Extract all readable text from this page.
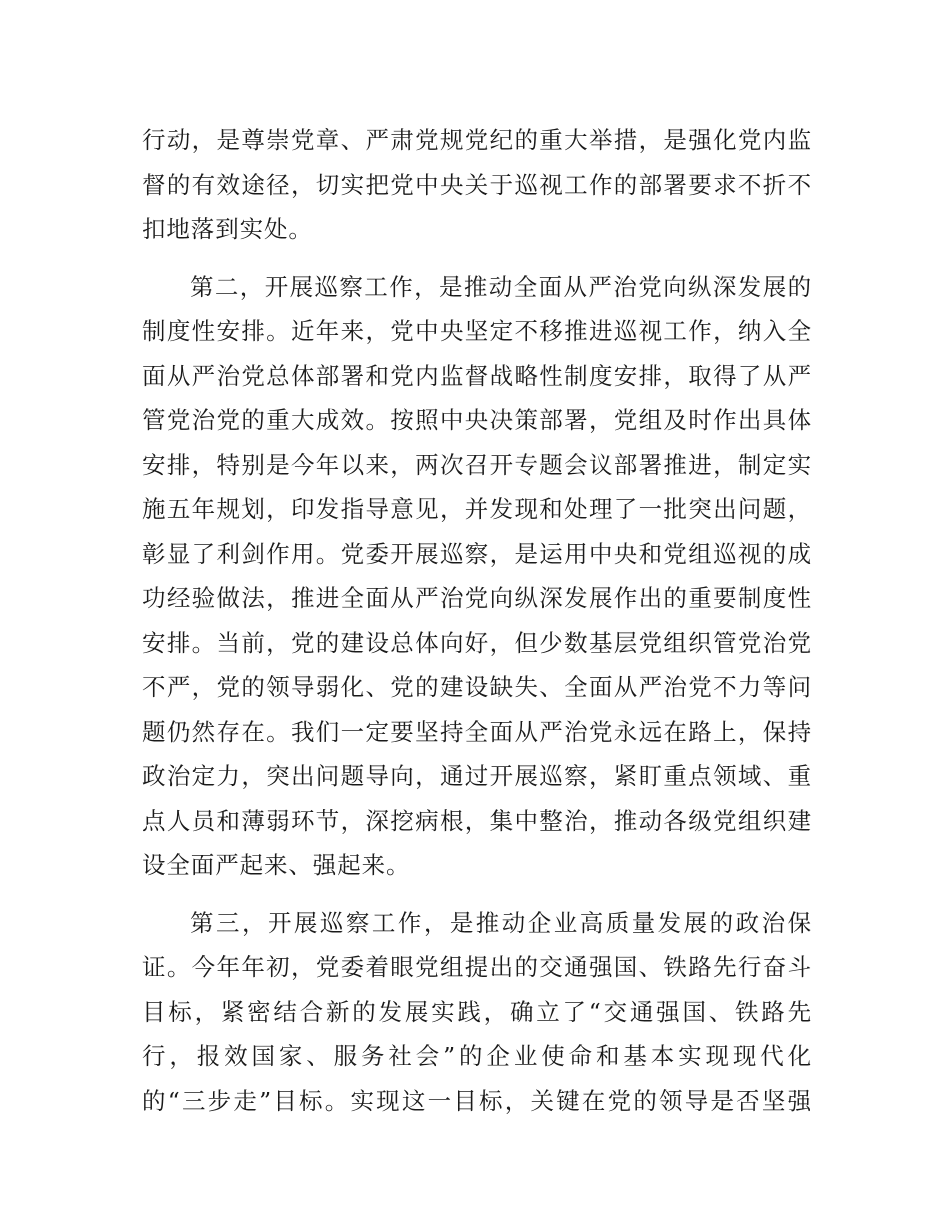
行动，是尊崇党章、严肃党规党纪的重大举措，是强化党内监
督的有效途径，切实把党中央关于巡视工作的部署要求不折不
扣地落到实处。
第二，开展巡察工作，是推动全面从严治党向纵深发展的
制度性安排。近年来，党中央坚定不移推进巡视工作，纳入全
面从严治党总体部署和党内监督战略性制度安排，取得了从严
管党治党的重大成效。按照中央决策部署，党组及时作出具体
安排，特别是今年以来，两次召开专题会议部署推进，制定实
施五年规划，印发指导意见，并发现和处理了一批突出问题，
彰显了利剑作用。党委开展巡察，是运用中央和党组巡视的成
功经验做法，推进全面从严治党向纵深发展作出的重要制度性
安排。当前，党的建设总体向好，但少数基层党组织管党治党
不严，党的领导弱化、党的建设缺失、全面从严治党不力等问
题仍然存在。我们一定要坚持全面从严治党永远在路上，保持
政治定力，突出问题导向，通过开展巡察，紧盯重点领域、重
点人员和薄弱环节，深挖病根，集中整治，推动各级党组织建
设全面严起来、强起来。
第三，开展巡察工作，是推动企业高质量发展的政治保
证。今年年初，党委着眼党组提出的交通强国、铁路先行奋斗
目标，紧密结合新的发展实践，确立了“交通强国、铁路先
行，报效国家、服务社会”的企业使命和基本实现现代化
的“三步走”目标。实现这一目标，关键在党的领导是否坚强
